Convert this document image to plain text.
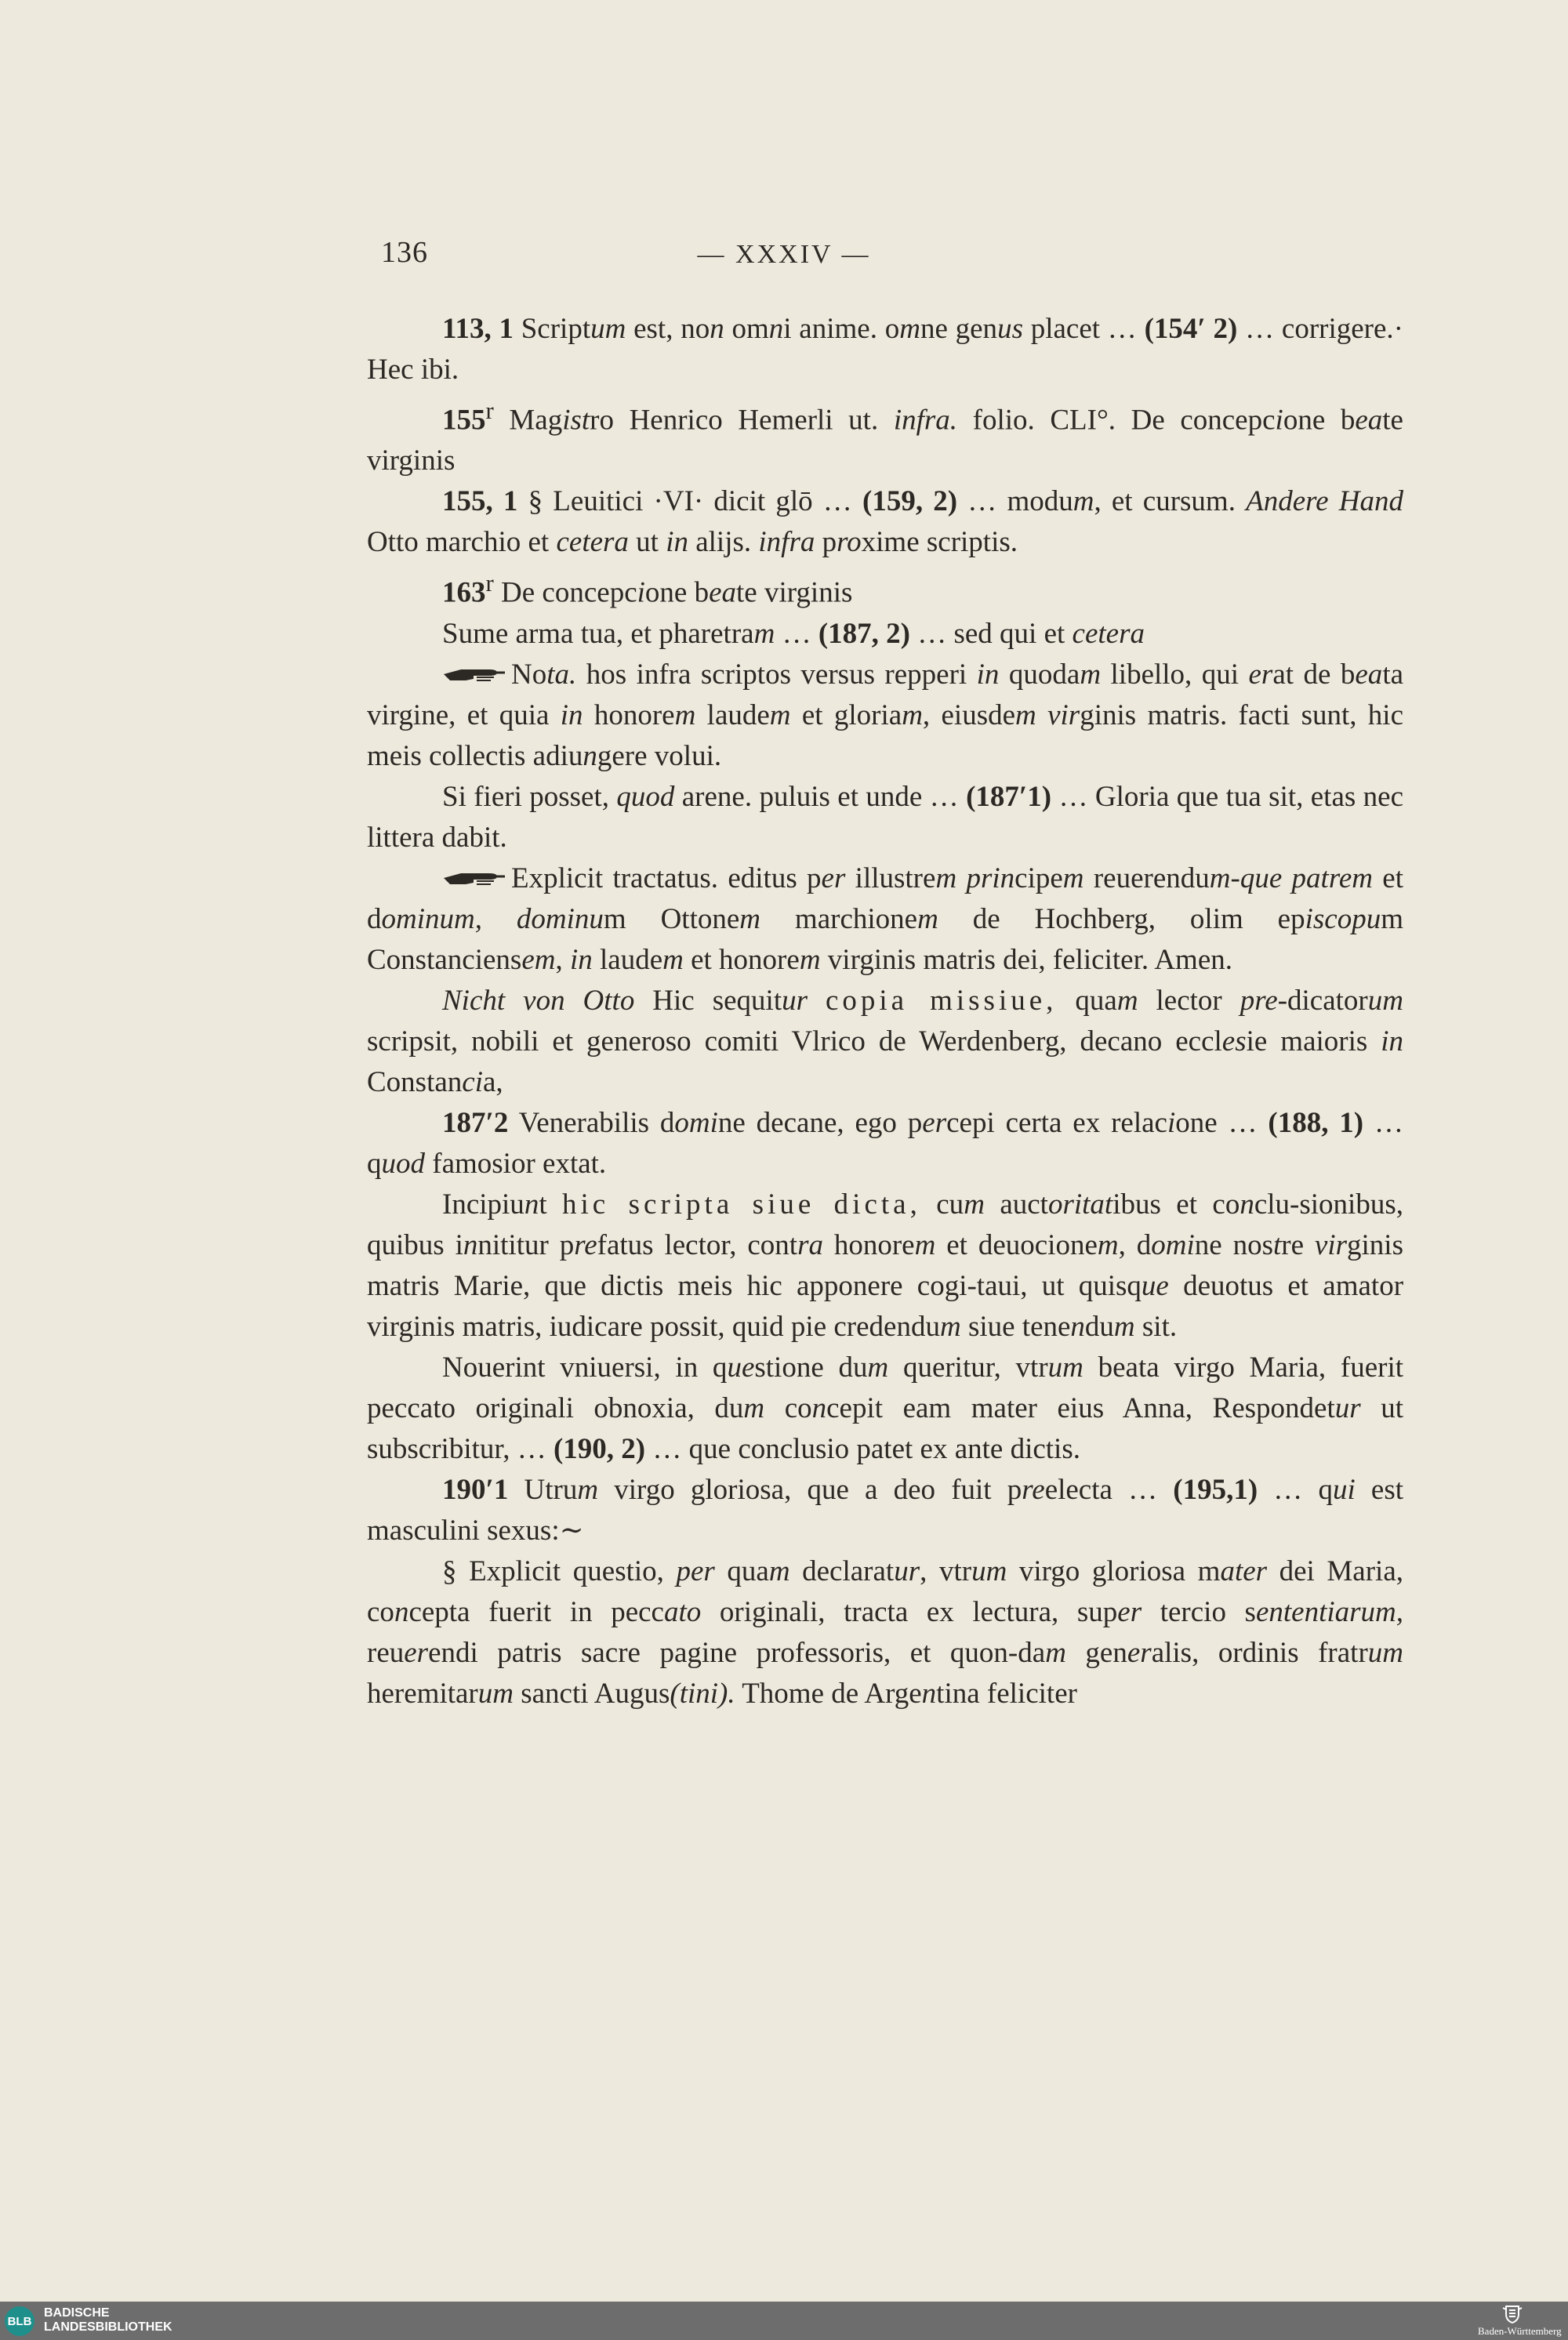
136	— XXXIV —

113, 1 Scriptum est, non omni anime. omne genus placet … (154′ 2) … corrigere.· Hec ibi.

155$^r$ Magistro Henrico Hemerli ut. infra. folio. CLI°. De concepcione beate virginis

155, 1 § Leuitici ·VI· dicit glō … (159, 2) … modum, et cursum. Andere Hand Otto marchio et cetera ut in alijs. infra proxime scriptis.

163$^r$ De concepcione beate virginis

Sume arma tua, et pharetram … (187, 2) … sed qui et cetera

Nota. hos infra scriptos versus repperi in quodam libello, qui erat de beata virgine, et quia in honorem laudem et gloriam, eiusdem virginis matris. facti sunt, hic meis collectis adiungere volui.

Si fieri posset, quod arene. puluis et unde … (187′1) … Gloria que tua sit, etas nec littera dabit.

Explicit tractatus. editus per illustrem principem reuerendum-que patrem et dominum, dominum Ottonem marchionem de Hochberg, olim episcopum Constanciensem, in laudem et honorem virginis matris dei, feliciter. Amen.

Nicht von Otto Hic sequitur copia missiue, quam lector pre-dicatorum scripsit, nobili et generoso comiti Vlrico de Werdenberg, decano ecclesie maioris in Constancia,

187′2 Venerabilis domine decane, ego percepi certa ex relacione … (188, 1) … quod famosior extat.

Incipiunt hic scripta siue dicta, cum auctoritatibus et conclu-sionibus, quibus innititur prefatus lector, contra honorem et deuocionem, domine nostre virginis matris Marie, que dictis meis hic apponere cogi-taui, ut quisque deuotus et amator virginis matris, iudicare possit, quid pie credendum siue tenendum sit.

Nouerint vniuersi, in questione dum queritur, vtrum beata virgo Maria, fuerit peccato originali obnoxia, dum concepit eam mater eius Anna, Respondetur ut subscribitur, … (190, 2) … que conclusio patet ex ante dictis.

190′1 Utrum virgo gloriosa, que a deo fuit preelecta … (195,1) … qui est masculini sexus:∼

§ Explicit questio, per quam declaratur, vtrum virgo gloriosa mater dei Maria, concepta fuerit in peccato originali, tracta ex lectura, super tercio sententiarum, reuerendi patris sacre pagine professoris, et quon-dam generalis, ordinis fratrum heremitarum sancti Augus(tini). Thome de Argentina feliciter

BLB
BADISCHE
LANDESBIBLIOTHEK	Baden-Württemberg
